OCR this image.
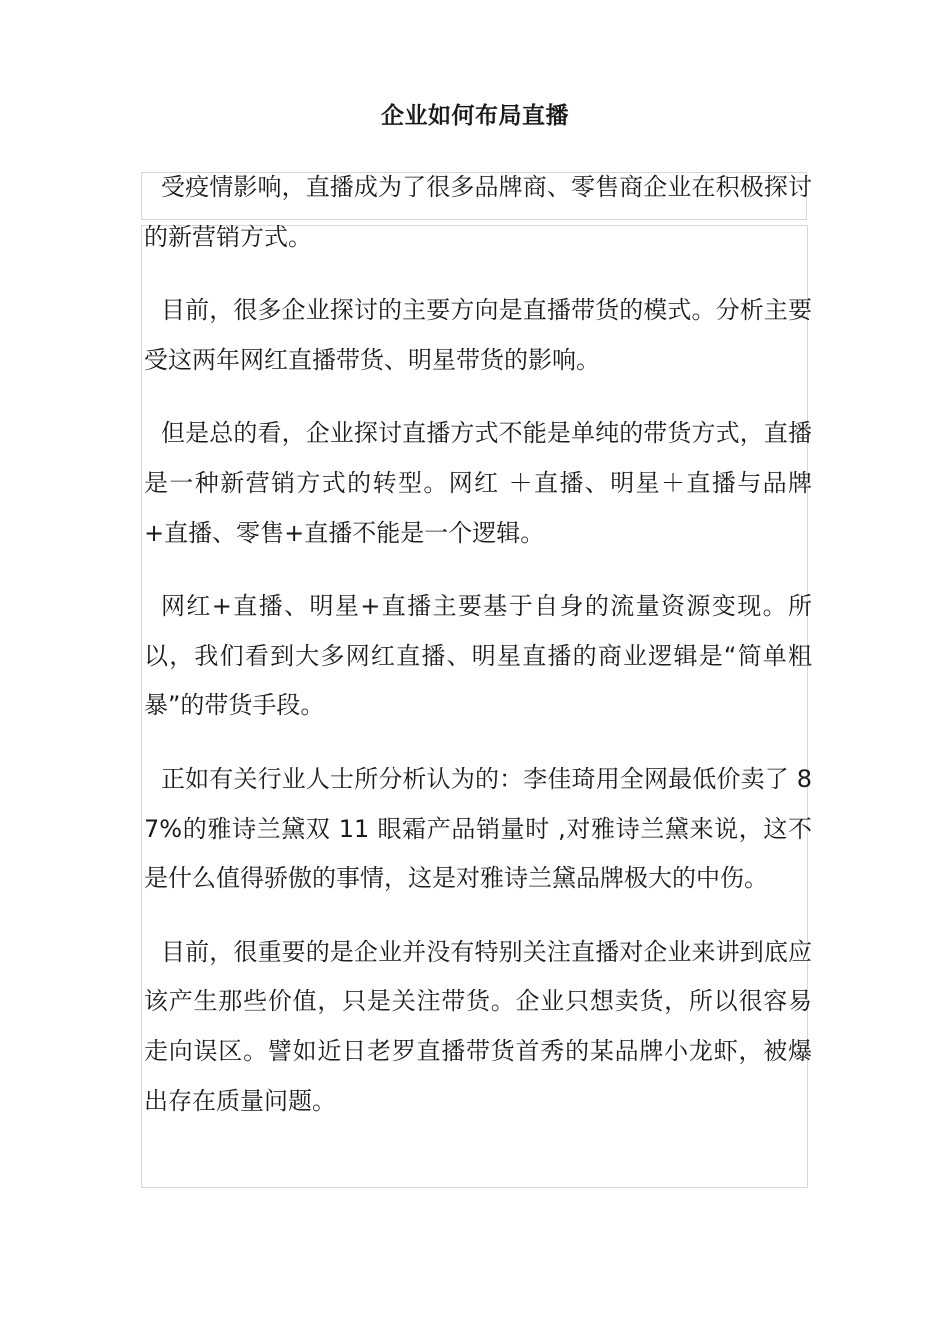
企业如何布局直播

受疫情影响，直播成为了很多品牌商、零售商企业在积极探讨的新营销方式。

目前，很多企业探讨的主要方向是直播带货的模式。分析主要受这两年网红直播带货、明星带货的影响。

但是总的看，企业探讨直播方式不能是单纯的带货方式，直播是一种新营销方式的转型。网红 ＋直播、明星＋直播与品牌+直播、零售+直播不能是一个逻辑。

网红+直播、明星+直播主要基于自身的流量资源变现。所以，我们看到大多网红直播、明星直播的商业逻辑是“简单粗暴”的带货手段。

正如有关行业人士所分析认为的：李佳琦用全网最低价卖了 87%的雅诗兰黛双 11 眼霜产品销量时 ,对雅诗兰黛来说，这不是什么值得骄傲的事情，这是对雅诗兰黛品牌极大的中伤。

目前，很重要的是企业并没有特别关注直播对企业来讲到底应该产生那些价值，只是关注带货。企业只想卖货，所以很容易走向误区。譬如近日老罗直播带货首秀的某品牌小龙虾，被爆出存在质量问题。
